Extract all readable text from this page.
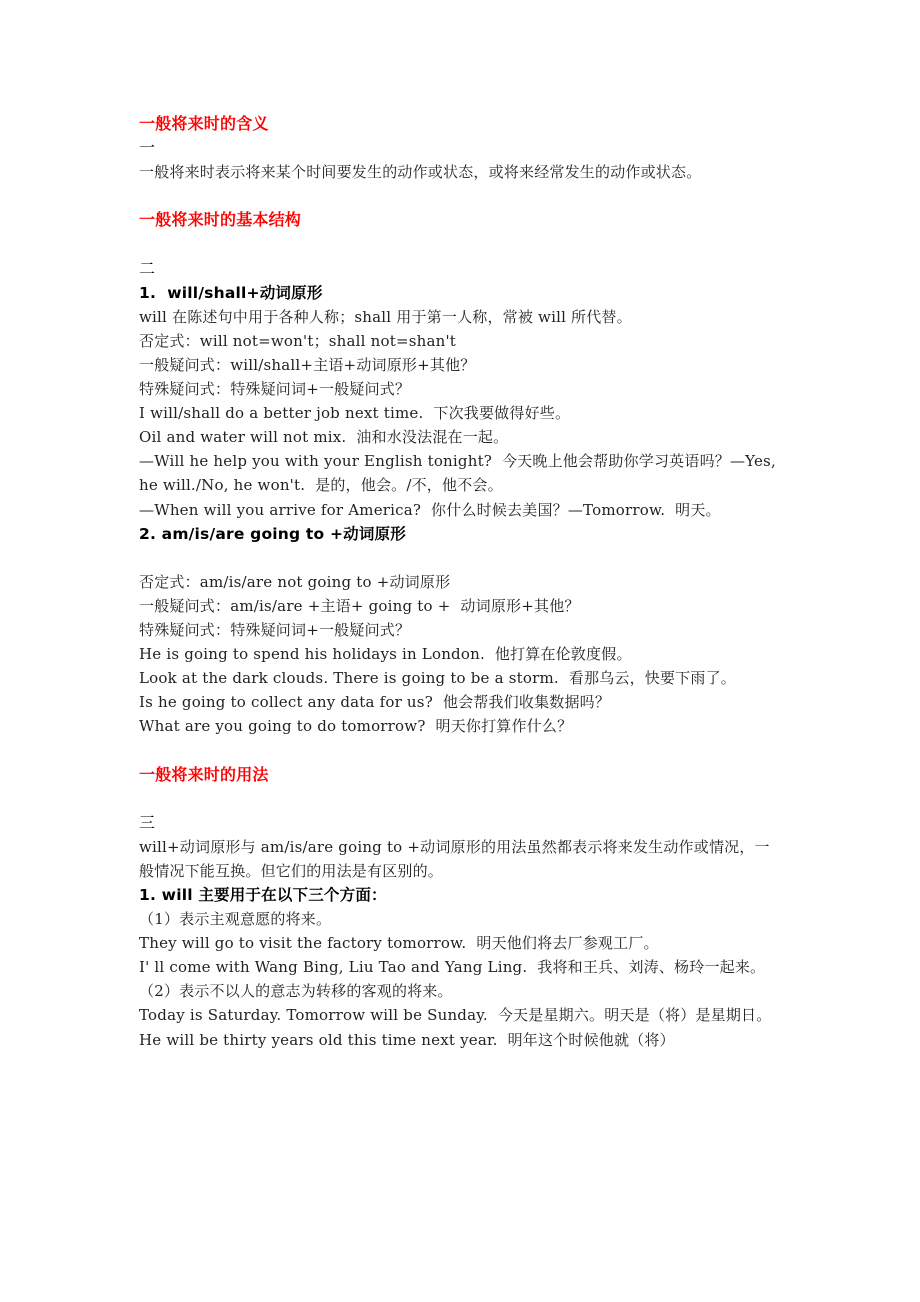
一般将来时的含义
一
一般将来时表示将来某个时间要发生的动作或状态，或将来经常发生的动作或状态。
一般将来时的基本结构
二
1.  will/shall+动词原形
will 在陈述句中用于各种人称；shall 用于第一人称，常被 will 所代替。
否定式：will not=won't；shall not=shan't
一般疑问式：will/shall+主语+动词原形+其他？
特殊疑问式：特殊疑问词+一般疑问式？
I will/shall do a better job next time.  下次我要做得好些。
Oil and water will not mix.  油和水没法混在一起。
—Will he help you with your English tonight?  今天晚上他会帮助你学习英语吗？—Yes, he will./No, he won't.  是的，他会。/不，他不会。
—When will you arrive for America?  你什么时候去美国？—Tomorrow.  明天。
2. am/is/are going to +动词原形
否定式：am/is/are not going to +动词原形
一般疑问式：am/is/are +主语+ going to +  动词原形+其他？
特殊疑问式：特殊疑问词+一般疑问式？
He is going to spend his holidays in London.  他打算在伦敦度假。
Look at the dark clouds. There is going to be a storm.  看那乌云，快要下雨了。
Is he going to collect any data for us?  他会帮我们收集数据吗？
What are you going to do tomorrow?  明天你打算作什么？
一般将来时的用法
三
will+动词原形与 am/is/are going to +动词原形的用法虽然都表示将来发生动作或情况，一般情况下能互换。但它们的用法是有区别的。
1. will 主要用于在以下三个方面：
（1）表示主观意愿的将来。
They will go to visit the factory tomorrow.  明天他们将去厂参观工厂。
I' ll come with Wang Bing, Liu Tao and Yang Ling.  我将和王兵、刘涛、杨玲一起来。
（2）表示不以人的意志为转移的客观的将来。
Today is Saturday. Tomorrow will be Sunday.  今天是星期六。明天是（将）是星期日。
He will be thirty years old this time next year.  明年这个时候他就（将）
